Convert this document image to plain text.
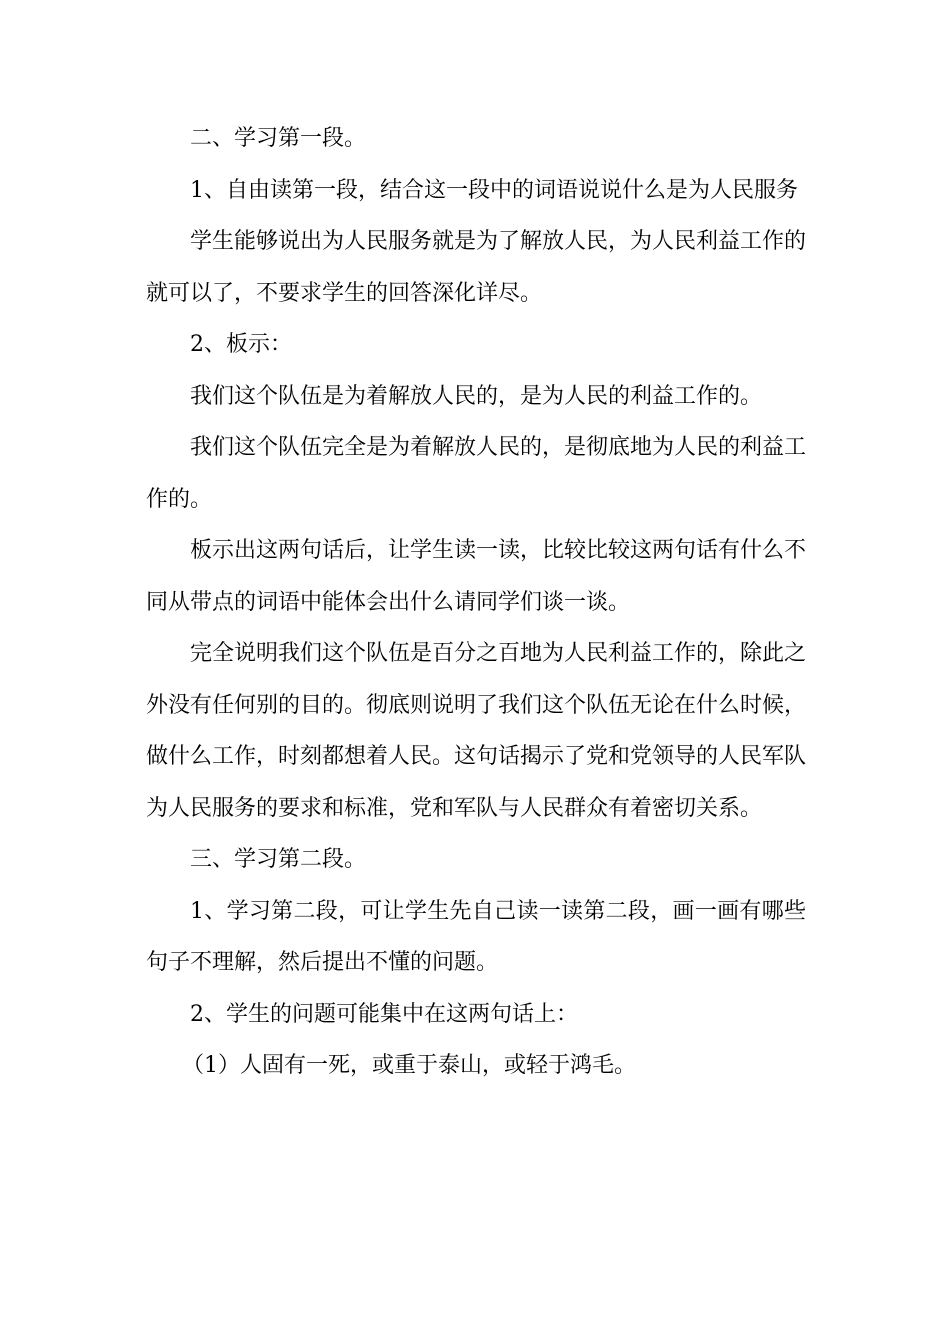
二、学习第一段。

1、自由读第一段，结合这一段中的词语说说什么是为人民服务

学生能够说出为人民服务就是为了解放人民，为人民利益工作的就可以了，不要求学生的回答深化详尽。

2、板示：

我们这个队伍是为着解放人民的，是为人民的利益工作的。

我们这个队伍完全是为着解放人民的，是彻底地为人民的利益工作的。

板示出这两句话后，让学生读一读，比较比较这两句话有什么不同从带点的词语中能体会出什么请同学们谈一谈。

完全说明我们这个队伍是百分之百地为人民利益工作的，除此之外没有任何别的目的。彻底则说明了我们这个队伍无论在什么时候，做什么工作，时刻都想着人民。这句话揭示了党和党领导的人民军队为人民服务的要求和标准，党和军队与人民群众有着密切关系。

三、学习第二段。

1、学习第二段，可让学生先自己读一读第二段，画一画有哪些句子不理解，然后提出不懂的问题。

2、学生的问题可能集中在这两句话上：

（1）人固有一死，或重于泰山，或轻于鸿毛。
